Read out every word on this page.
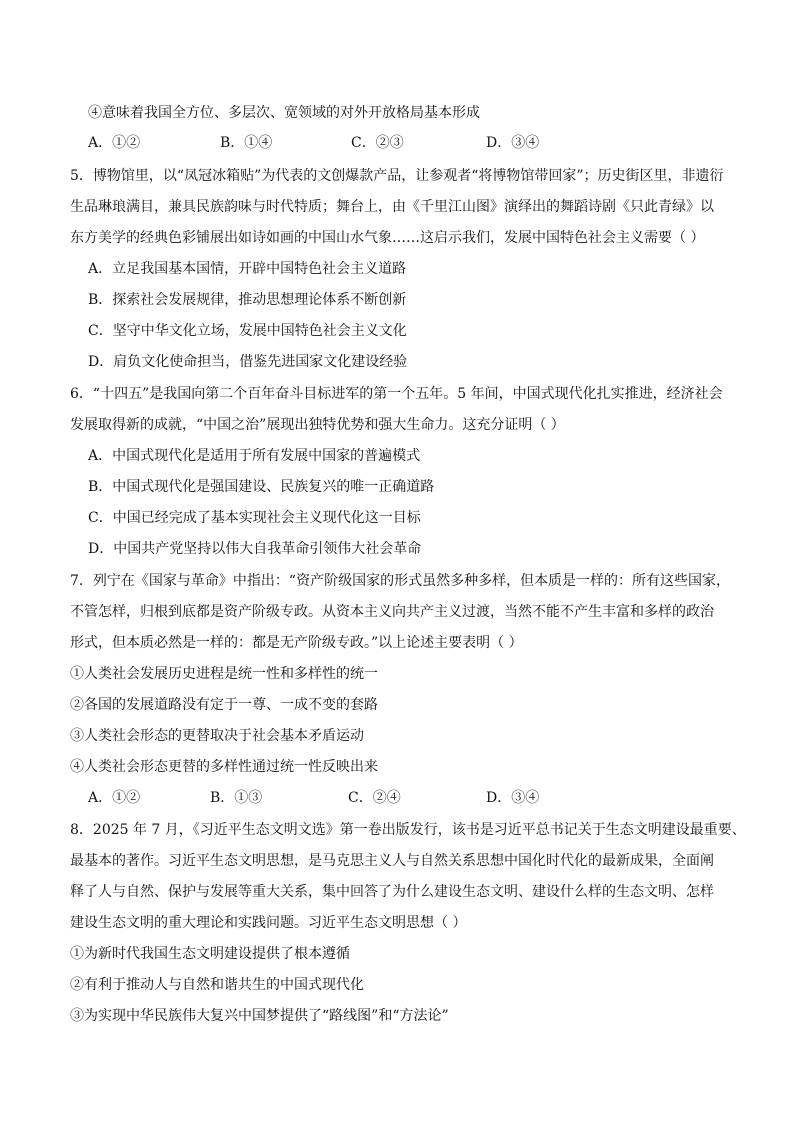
④意味着我国全方位、多层次、宽领域的对外开放格局基本形成
A．①②	B．①④	C．②③	D．③④
5．博物馆里，以“凤冠冰箱贴”为代表的文创爆款产品，让参观者“将博物馆带回家”；历史街区里，非遗衍
生品琳琅满目，兼具民族韵味与时代特质；舞台上，由《千里江山图》演绎出的舞蹈诗剧《只此青绿》以
东方美学的经典色彩铺展出如诗如画的中国山水气象……这启示我们，发展中国特色社会主义需要（ ）
A．立足我国基本国情，开辟中国特色社会主义道路
B．探索社会发展规律，推动思想理论体系不断创新
C．坚守中华文化立场，发展中国特色社会主义文化
D．肩负文化使命担当，借鉴先进国家文化建设经验
6．“十四五”是我国向第二个百年奋斗目标进军的第一个五年。5 年间，中国式现代化扎实推进，经济社会
发展取得新的成就，“中国之治”展现出独特优势和强大生命力。这充分证明（ ）
A．中国式现代化是适用于所有发展中国家的普遍模式
B．中国式现代化是强国建设、民族复兴的唯一正确道路
C．中国已经完成了基本实现社会主义现代化这一目标
D．中国共产党坚持以伟大自我革命引领伟大社会革命
7．列宁在《国家与革命》中指出：“资产阶级国家的形式虽然多种多样，但本质是一样的：所有这些国家，
不管怎样，归根到底都是资产阶级专政。从资本主义向共产主义过渡，当然不能不产生丰富和多样的政治
形式，但本质必然是一样的：都是无产阶级专政。”以上论述主要表明（ ）
①人类社会发展历史进程是统一性和多样性的统一
②各国的发展道路没有定于一尊、一成不变的套路
③人类社会形态的更替取决于社会基本矛盾运动
④人类社会形态更替的多样性通过统一性反映出来
A．①②	B．①③	C．②④	D．③④
8．2025 年 7 月，《习近平生态文明文选》第一卷出版发行，该书是习近平总书记关于生态文明建设最重要、
最基本的著作。习近平生态文明思想，是马克思主义人与自然关系思想中国化时代化的最新成果，全面阐
释了人与自然、保护与发展等重大关系，集中回答了为什么建设生态文明、建设什么样的生态文明、怎样
建设生态文明的重大理论和实践问题。习近平生态文明思想（ ）
①为新时代我国生态文明建设提供了根本遵循
②有利于推动人与自然和谐共生的中国式现代化
③为实现中华民族伟大复兴中国梦提供了“路线图”和“方法论”
